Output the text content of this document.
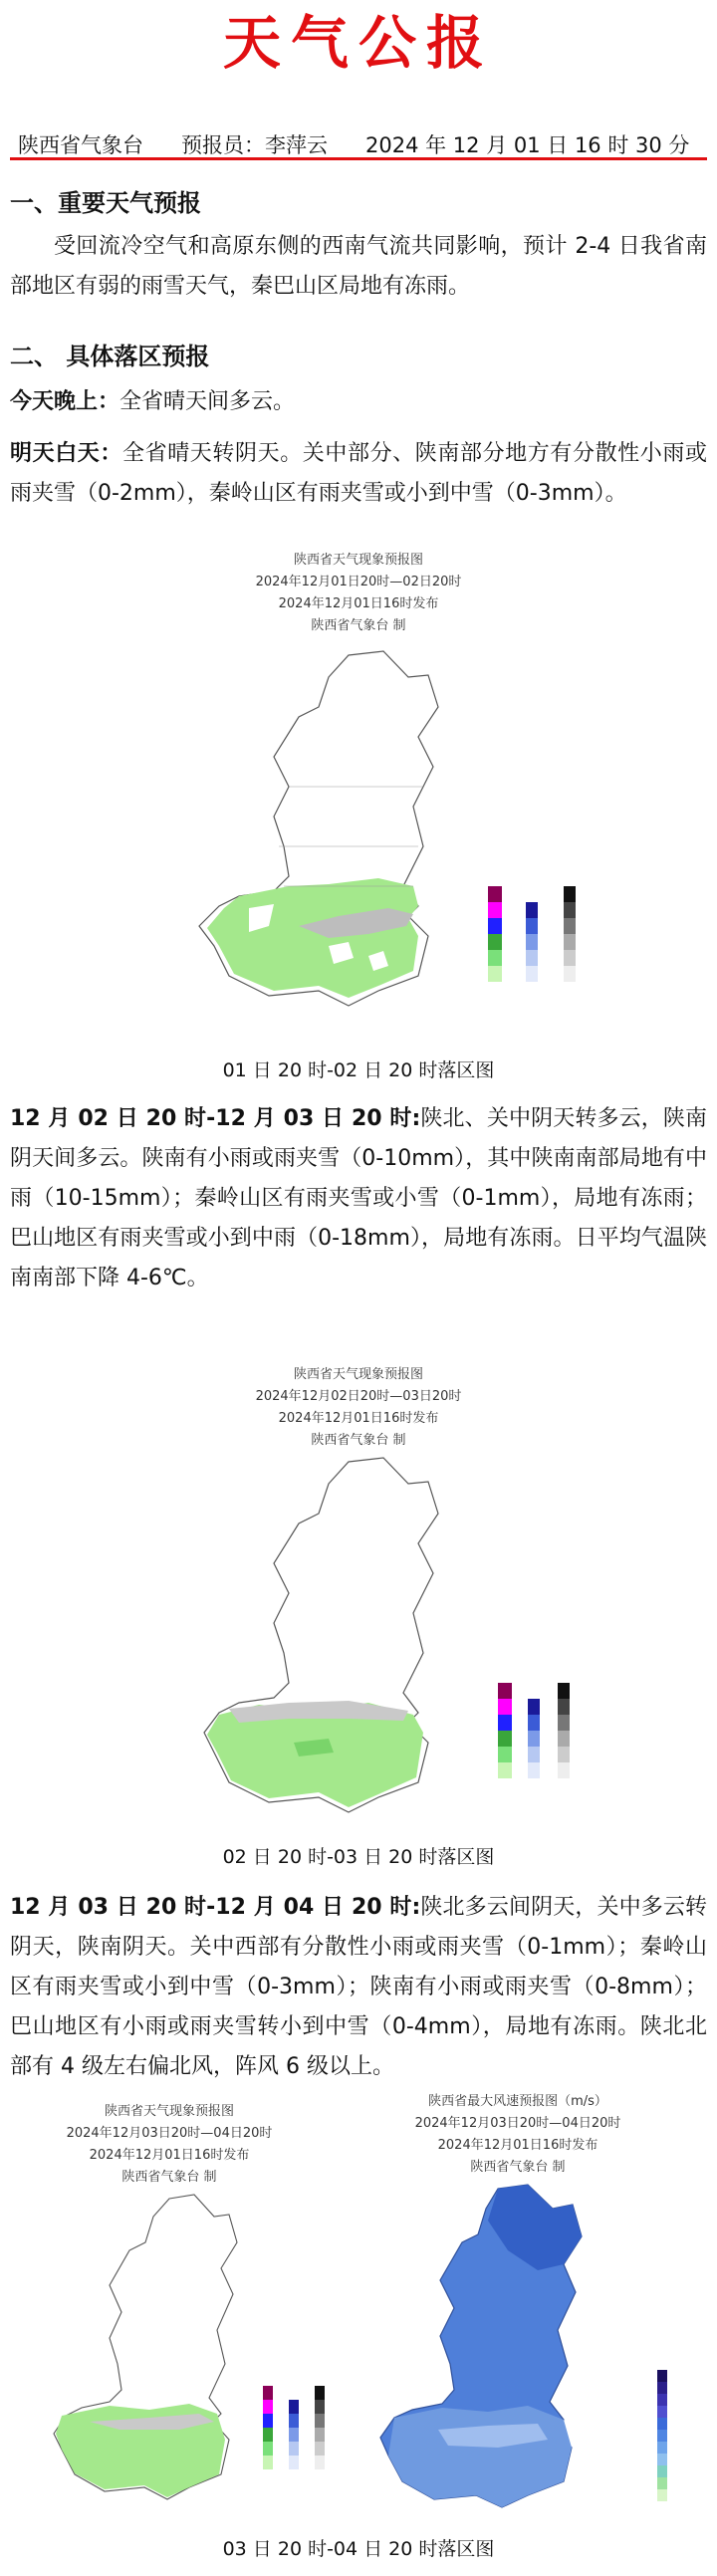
天气公报
陕西省气象台 预报员：李萍云 2024 年 12 月 01 日 16 时 30 分
一、重要天气预报
受回流冷空气和高原东侧的西南气流共同影响，预计 2-4 日我省南部地区有弱的雨雪天气，秦巴山区局地有冻雨。
二、 具体落区预报
今天晚上：全省晴天间多云。
明天白天：全省晴天转阴天。关中部分、陕南部分地方有分散性小雨或雨夹雪（0-2mm），秦岭山区有雨夹雪或小到中雪（0-3mm）。
陕西省天气现象预报图
2024年12月01日20时—02日20时
2024年12月01日16时发布
陕西省气象台 制
01 日 20 时-02 日 20 时落区图
12 月 02 日 20 时-12 月 03 日 20 时:陕北、关中阴天转多云，陕南阴天间多云。陕南有小雨或雨夹雪（0-10mm），其中陕南南部局地有中雨（10-15mm）；秦岭山区有雨夹雪或小雪（0-1mm），局地有冻雨；巴山地区有雨夹雪或小到中雨（0-18mm），局地有冻雨。日平均气温陕南南部下降 4-6℃。
陕西省天气现象预报图
2024年12月02日20时—03日20时
2024年12月01日16时发布
陕西省气象台 制
02 日 20 时-03 日 20 时落区图
12 月 03 日 20 时-12 月 04 日 20 时:陕北多云间阴天，关中多云转阴天，陕南阴天。关中西部有分散性小雨或雨夹雪（0-1mm）；秦岭山区有雨夹雪或小到中雪（0-3mm）；陕南有小雨或雨夹雪（0-8mm）；巴山地区有小雨或雨夹雪转小到中雪（0-4mm），局地有冻雨。陕北北部有 4 级左右偏北风，阵风 6 级以上。
陕西省天气现象预报图
2024年12月03日20时—04日20时
2024年12月01日16时发布
陕西省气象台 制
陕西省最大风速预报图（m/s）
2024年12月03日20时—04日20时
2024年12月01日16时发布
陕西省气象台 制
03 日 20 时-04 日 20 时落区图
